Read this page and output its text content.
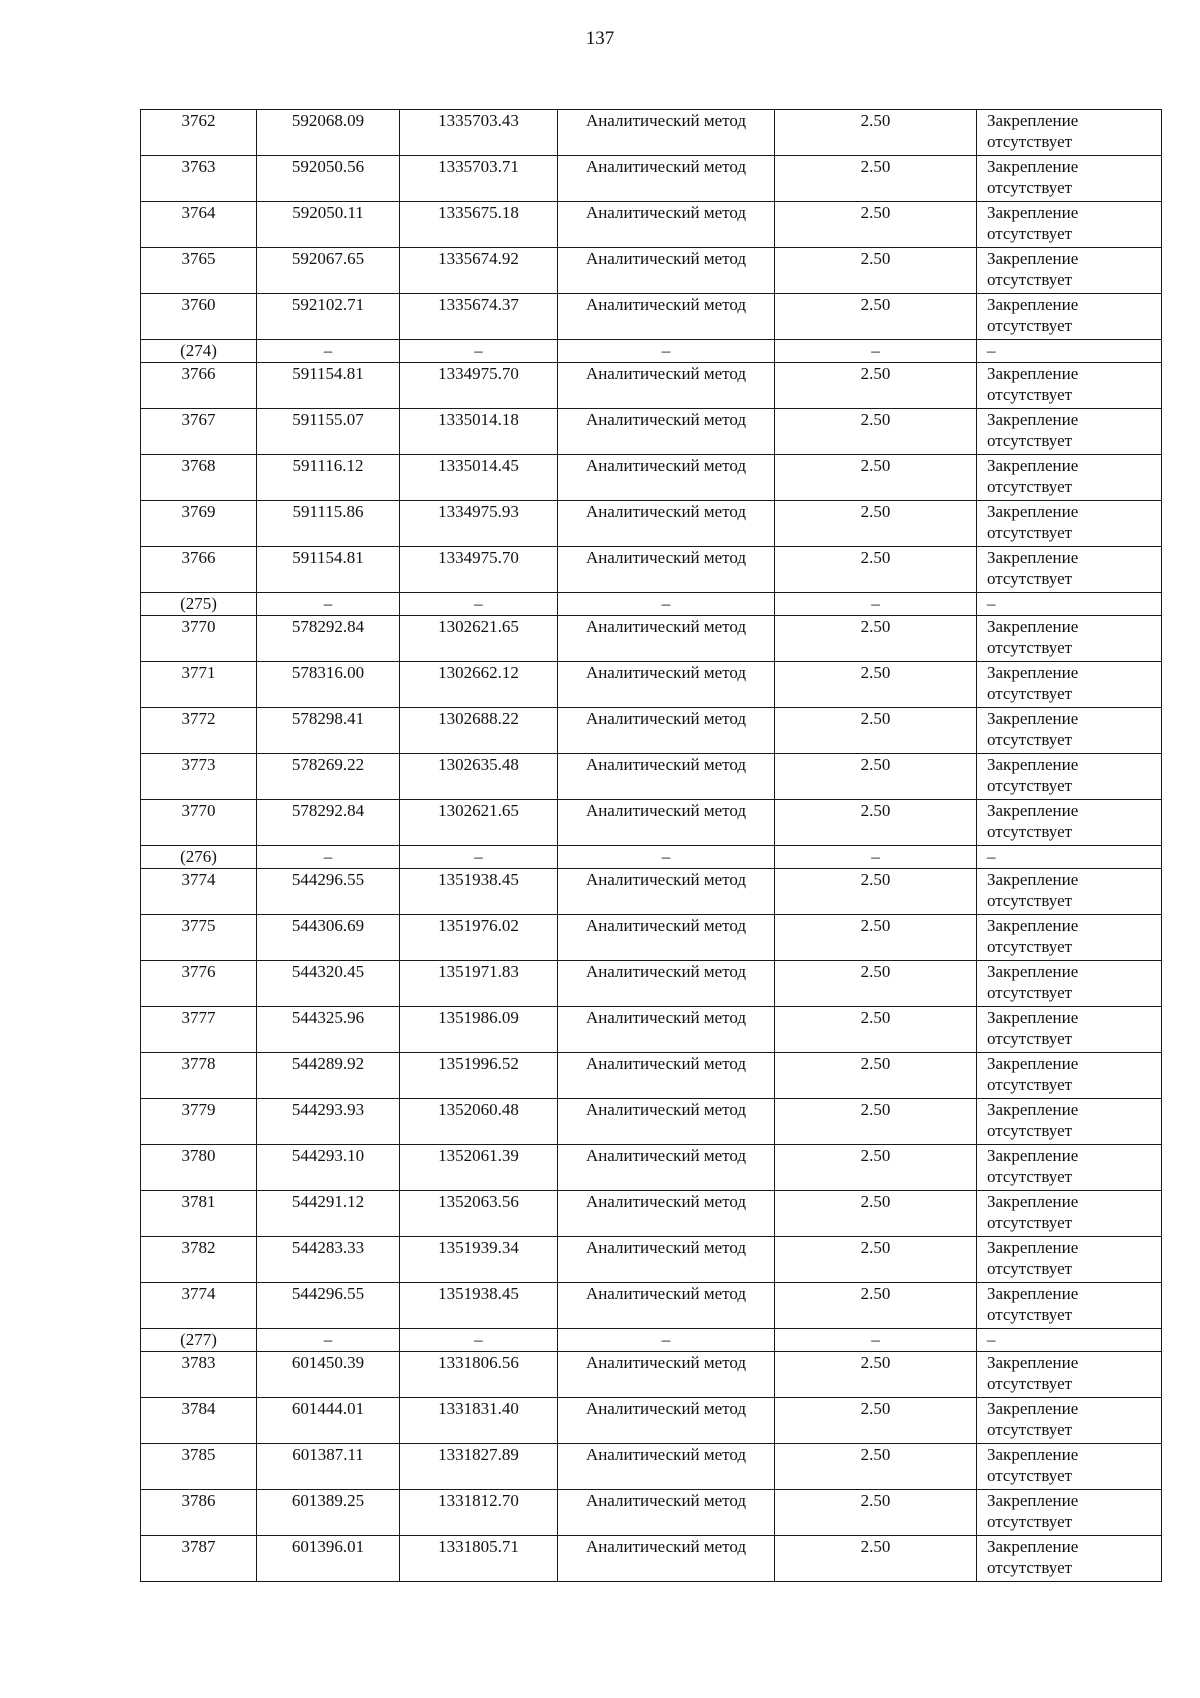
137
3762	592068.09	1335703.43	Аналитический метод	2.50	Закрепление отсутствует
3763	592050.56	1335703.71	Аналитический метод	2.50	Закрепление отсутствует
3764	592050.11	1335675.18	Аналитический метод	2.50	Закрепление отсутствует
3765	592067.65	1335674.92	Аналитический метод	2.50	Закрепление отсутствует
3760	592102.71	1335674.37	Аналитический метод	2.50	Закрепление отсутствует
(274)	–	–	–	–	–
3766	591154.81	1334975.70	Аналитический метод	2.50	Закрепление отсутствует
3767	591155.07	1335014.18	Аналитический метод	2.50	Закрепление отсутствует
3768	591116.12	1335014.45	Аналитический метод	2.50	Закрепление отсутствует
3769	591115.86	1334975.93	Аналитический метод	2.50	Закрепление отсутствует
3766	591154.81	1334975.70	Аналитический метод	2.50	Закрепление отсутствует
(275)	–	–	–	–	–
3770	578292.84	1302621.65	Аналитический метод	2.50	Закрепление отсутствует
3771	578316.00	1302662.12	Аналитический метод	2.50	Закрепление отсутствует
3772	578298.41	1302688.22	Аналитический метод	2.50	Закрепление отсутствует
3773	578269.22	1302635.48	Аналитический метод	2.50	Закрепление отсутствует
3770	578292.84	1302621.65	Аналитический метод	2.50	Закрепление отсутствует
(276)	–	–	–	–	–
3774	544296.55	1351938.45	Аналитический метод	2.50	Закрепление отсутствует
3775	544306.69	1351976.02	Аналитический метод	2.50	Закрепление отсутствует
3776	544320.45	1351971.83	Аналитический метод	2.50	Закрепление отсутствует
3777	544325.96	1351986.09	Аналитический метод	2.50	Закрепление отсутствует
3778	544289.92	1351996.52	Аналитический метод	2.50	Закрепление отсутствует
3779	544293.93	1352060.48	Аналитический метод	2.50	Закрепление отсутствует
3780	544293.10	1352061.39	Аналитический метод	2.50	Закрепление отсутствует
3781	544291.12	1352063.56	Аналитический метод	2.50	Закрепление отсутствует
3782	544283.33	1351939.34	Аналитический метод	2.50	Закрепление отсутствует
3774	544296.55	1351938.45	Аналитический метод	2.50	Закрепление отсутствует
(277)	–	–	–	–	–
3783	601450.39	1331806.56	Аналитический метод	2.50	Закрепление отсутствует
3784	601444.01	1331831.40	Аналитический метод	2.50	Закрепление отсутствует
3785	601387.11	1331827.89	Аналитический метод	2.50	Закрепление отсутствует
3786	601389.25	1331812.70	Аналитический метод	2.50	Закрепление отсутствует
3787	601396.01	1331805.71	Аналитический метод	2.50	Закрепление отсутствует
